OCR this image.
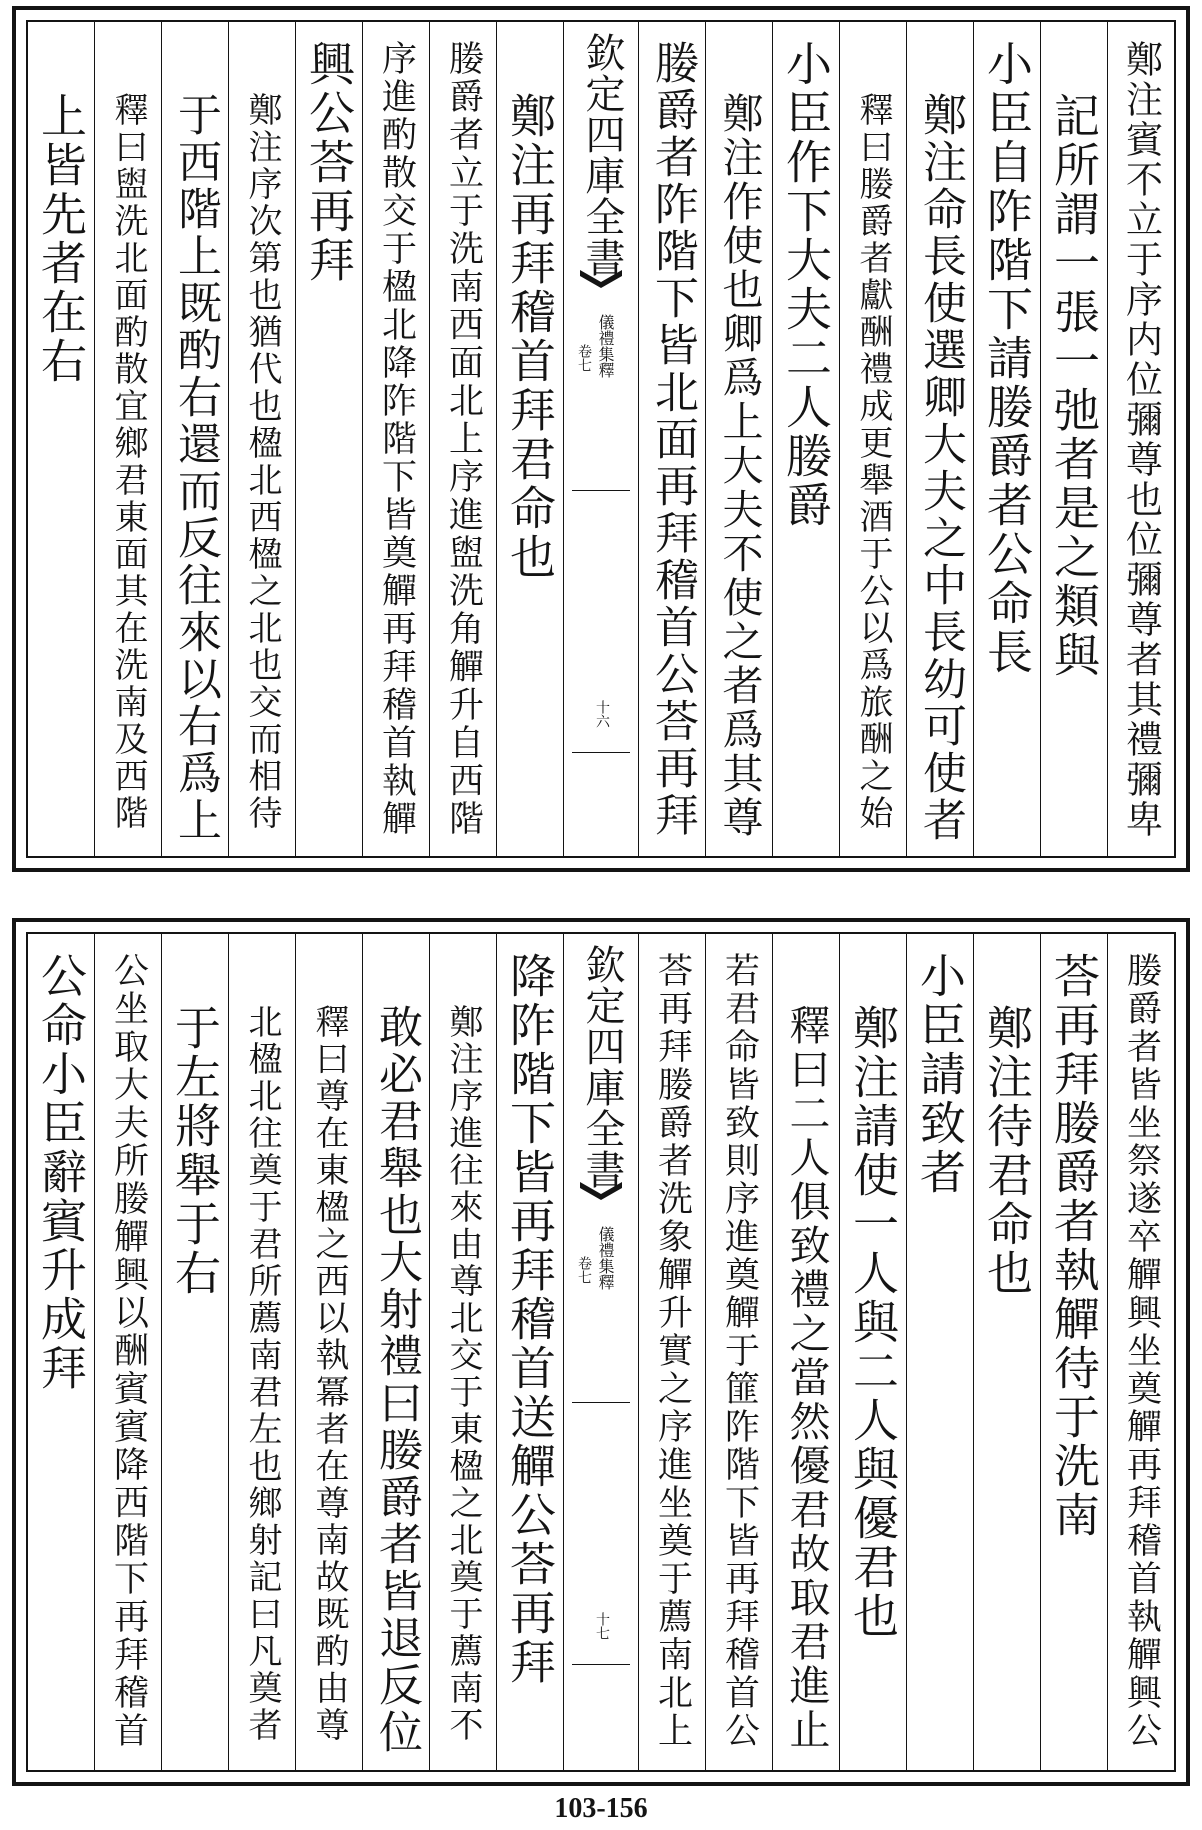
鄭注賓不立于序内位彌尊也位彌尊者其禮彌卑
記所謂一張一弛者是之類與
小臣自阼階下請媵爵者公命長
鄭注命長使選卿大夫之中長幼可使者
釋曰媵爵者獻酬禮成更舉酒于公以爲旅酬之始
小臣作下大夫二人媵爵
鄭注作使也卿爲上大夫不使之者爲其尊
媵爵者阼階下皆北面再拜稽首公荅再拜
欽定四庫全書
儀禮集釋
卷七
十六
鄭注再拜稽首拜君命也
媵爵者立于洗南西面北上序進盥洗角觶升自西階
序進酌散交于楹北降阼階下皆奠觶再拜稽首執觶
興公荅再拜
鄭注序次第也猶代也楹北西楹之北也交而相待
于西階上既酌右還而反往來以右爲上
釋曰盥洗北面酌散宜鄉君東面其在洗南及西階
上皆先者在右
媵爵者皆坐祭遂卒觶興坐奠觶再拜稽首執觶興公
荅再拜媵爵者執觶待于洗南
鄭注待君命也
小臣請致者
鄭注請使一人與二人與優君也
釋曰二人俱致禮之當然優君故取君進止
若君命皆致則序進奠觶于篚阼階下皆再拜稽首公
荅再拜媵爵者洗象觶升實之序進坐奠于薦南北上
欽定四庫全書
儀禮集釋
卷七
十七
降阼階下皆再拜稽首送觶公荅再拜
鄭注序進往來由尊北交于東楹之北奠于薦南不
敢必君舉也大射禮曰媵爵者皆退反位
釋曰尊在東楹之西以執冪者在尊南故既酌由尊
北楹北往奠于君所薦南君左也鄉射記曰凡奠者
于左將舉于右
公坐取大夫所媵觶興以酬賓賓降西階下再拜稽首
公命小臣辭賓升成拜
103-156
